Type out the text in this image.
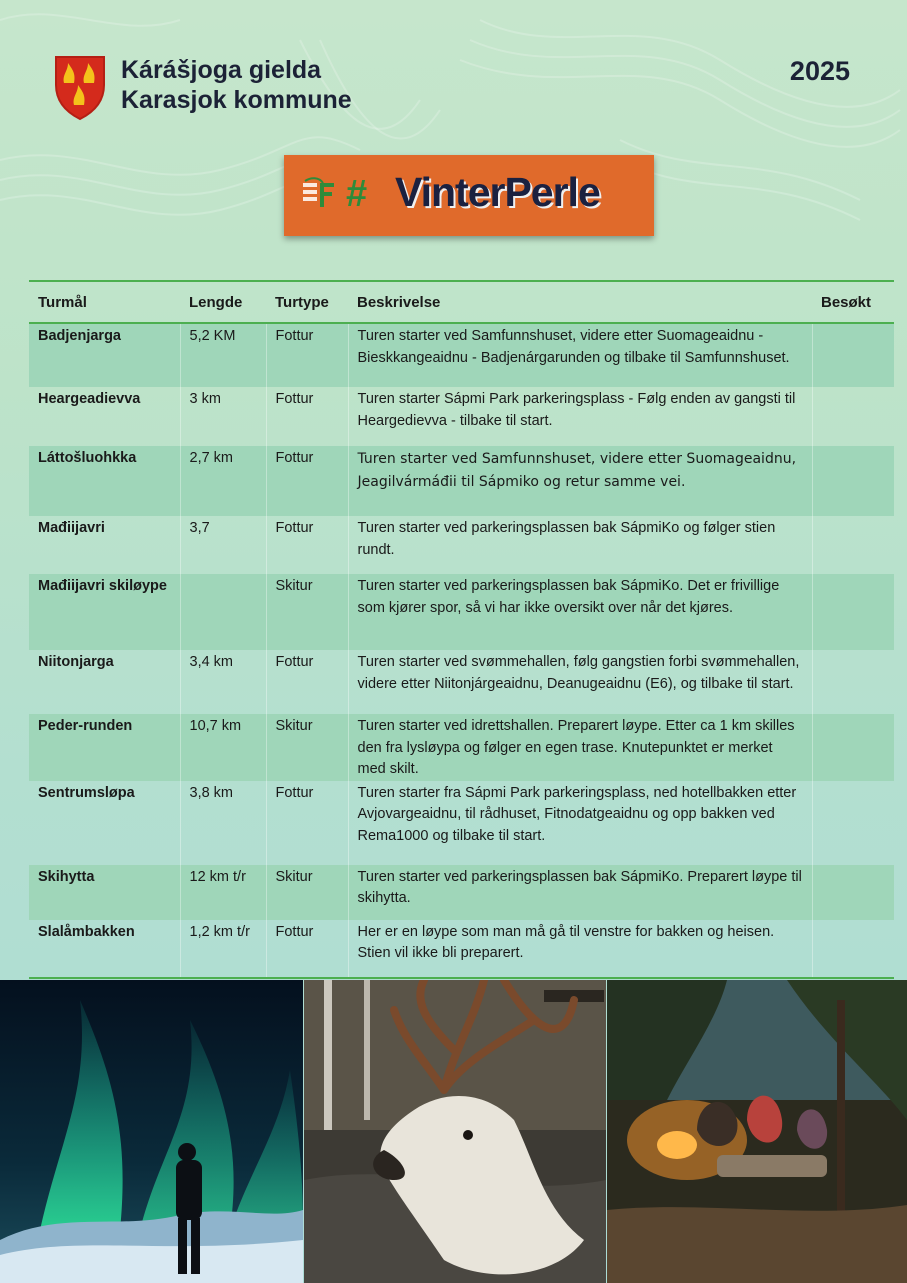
Kárášjoga gielda
Karasjok kommune
2025
# VinterPerle
Turmål	Lengde	Turtype	Beskrivelse	Besøkt
Badjenjarga	5,2 KM	Fottur	Turen starter ved Samfunnshuset, videre etter Suomageaidnu - Bieskkangeaidnu - Badjenárgarunden og tilbake til Samfunnshuset.	
Heargeadievva	3 km	Fottur	Turen starter Sápmi Park parkeringsplass - Følg enden av gangsti til Heargedievva - tilbake til start.	
Láttošluohkka	2,7 km	Fottur	Turen starter ved Samfunnshuset, videre etter Suomageaidnu, Jeagilvármáđii til Sápmiko og retur samme vei.	
Mađiijavri	3,7	Fottur	Turen starter ved parkeringsplassen bak SápmiKo og følger stien rundt.	
Mađiijavri skiløype		Skitur	Turen starter ved parkeringsplassen bak SápmiKo. Det er frivillige som kjører spor, så vi har ikke oversikt over når det kjøres.	
Niitonjarga	3,4 km	Fottur	Turen starter ved svømmehallen, følg gangstien forbi svømmehallen, videre etter Niitonjárgeaidnu, Deanugeaidnu (E6), og tilbake til start.	
Peder-runden	10,7 km	Skitur	Turen starter ved idrettshallen. Preparert løype. Etter ca 1 km skilles den fra lysløypa og følger en egen trase. Knutepunktet er merket med skilt.	
Sentrumsløpa	3,8 km	Fottur	Turen starter fra Sápmi Park parkeringsplass, ned hotellbakken etter Avjovargeaidnu, til rådhuset, Fitnodatgeaidnu og opp bakken ved Rema1000 og tilbake til start.	
Skihytta	12 km t/r	Skitur	Turen starter ved parkeringsplassen bak SápmiKo. Preparert løype til skihytta.	
Slalåmbakken	1,2 km t/r	Fottur	Her er en løype som man må gå til venstre for bakken og heisen. Stien vil ikke bli preparert.	
